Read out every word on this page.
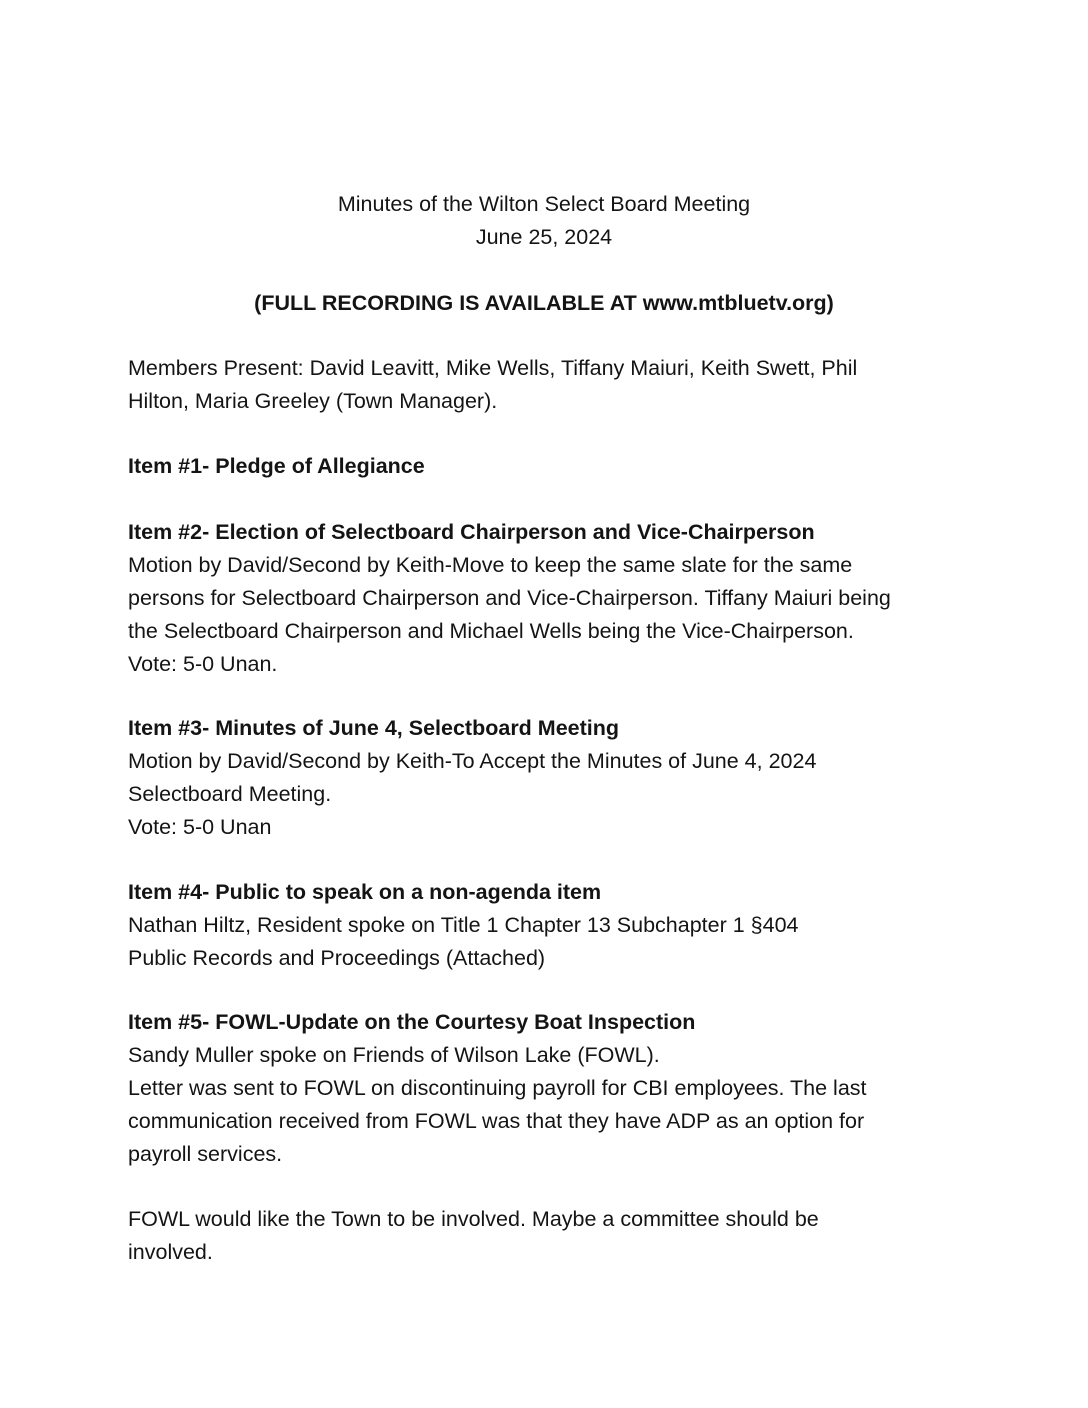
Minutes of the Wilton Select Board Meeting
June 25, 2024
(FULL RECORDING IS AVAILABLE AT www.mtbluetv.org)
Members Present: David Leavitt, Mike Wells, Tiffany Maiuri, Keith Swett, Phil
Hilton, Maria Greeley (Town Manager).
Item #1- Pledge of Allegiance
Item #2- Election of Selectboard Chairperson and Vice-Chairperson
Motion by David/Second by Keith-Move to keep the same slate for the same
persons for Selectboard Chairperson and Vice-Chairperson. Tiffany Maiuri being
the Selectboard Chairperson and Michael Wells being the Vice-Chairperson.
Vote: 5-0 Unan.
Item #3- Minutes of June 4, Selectboard Meeting
Motion by David/Second by Keith-To Accept the Minutes of June 4, 2024
Selectboard Meeting.
Vote: 5-0 Unan
Item #4- Public to speak on a non-agenda item
Nathan Hiltz, Resident spoke on Title 1 Chapter 13 Subchapter 1 §404
Public Records and Proceedings (Attached)
Item #5- FOWL-Update on the Courtesy Boat Inspection
Sandy Muller spoke on Friends of Wilson Lake (FOWL).
Letter was sent to FOWL on discontinuing payroll for CBI employees. The last
communication received from FOWL was that they have ADP as an option for
payroll services.
FOWL would like the Town to be involved. Maybe a committee should be
involved.
